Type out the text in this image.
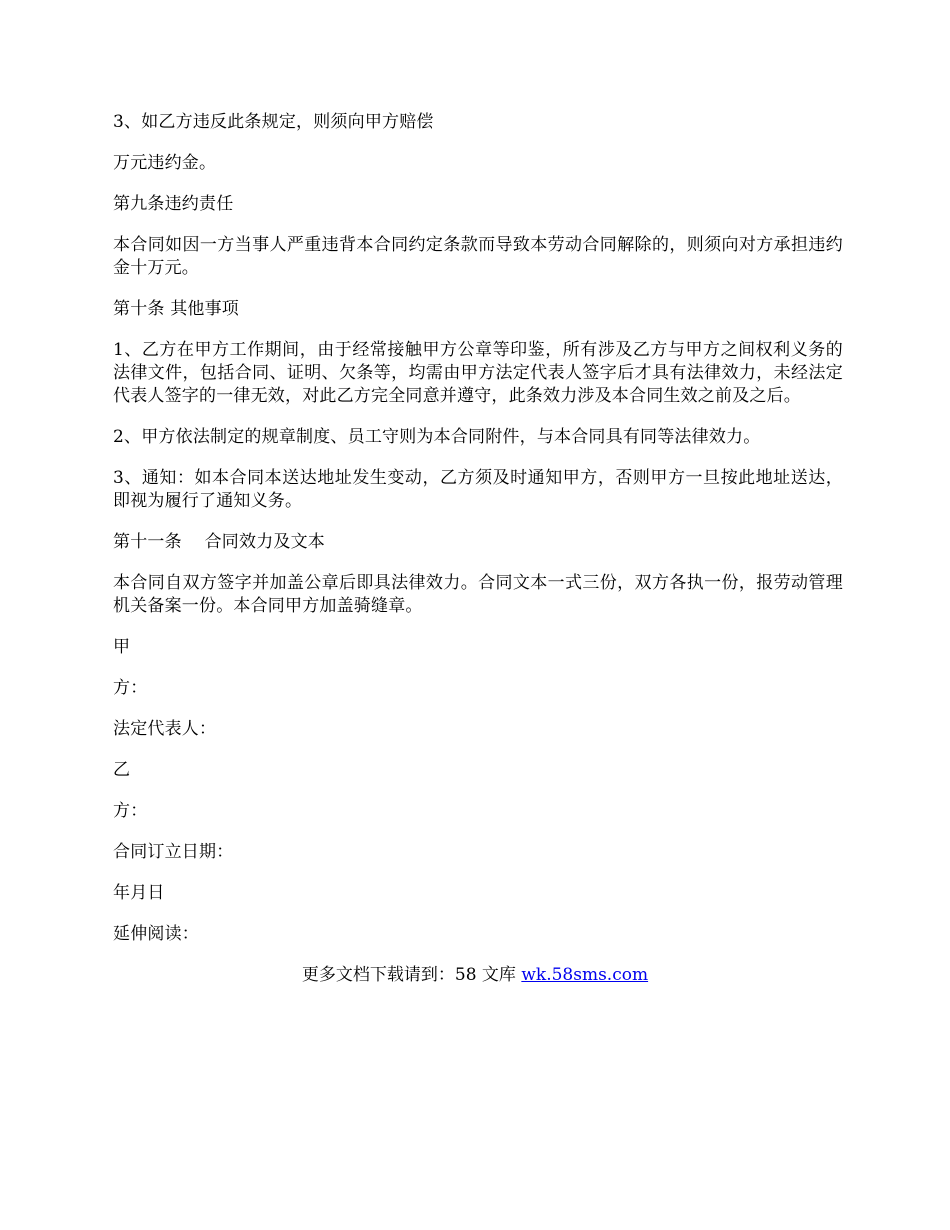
3、如乙方违反此条规定，则须向甲方赔偿

万元违约金。

第九条违约责任

本合同如因一方当事人严重违背本合同约定条款而导致本劳动合同解除的，则须向对方承担违约金十万元。

第十条 其他事项

1、乙方在甲方工作期间，由于经常接触甲方公章等印鉴，所有涉及乙方与甲方之间权利义务的法律文件，包括合同、证明、欠条等，均需由甲方法定代表人签字后才具有法律效力，未经法定代表人签字的一律无效，对此乙方完全同意并遵守，此条效力涉及本合同生效之前及之后。

2、甲方依法制定的规章制度、员工守则为本合同附件，与本合同具有同等法律效力。

3、通知：如本合同本送达地址发生变动，乙方须及时通知甲方，否则甲方一旦按此地址送达，即视为履行了通知义务。

第十一条　 合同效力及文本

本合同自双方签字并加盖公章后即具法律效力。合同文本一式三份，双方各执一份，报劳动管理机关备案一份。本合同甲方加盖骑缝章。

甲

方：

法定代表人：

乙

方：

合同订立日期：

年月日

延伸阅读：

更多文档下载请到：58 文库 wk.58sms.com
